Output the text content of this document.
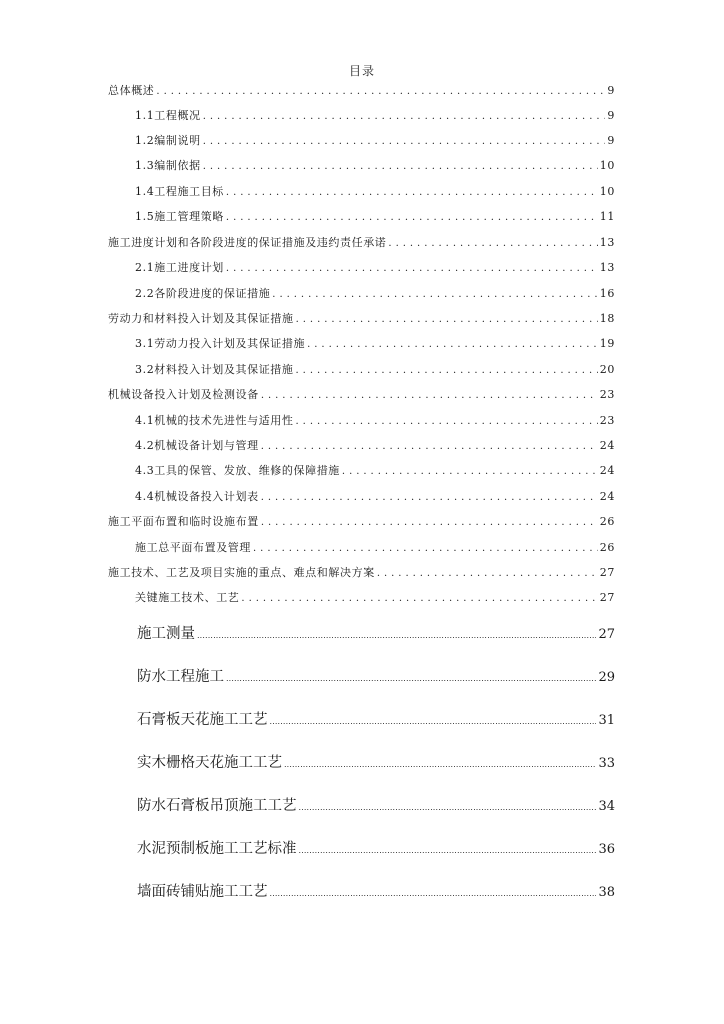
目录
总体概述 . . .	9
1.1工程概况 . . .	9
1.2编制说明 . . .	9
1.3编制依据 . . .	10
1.4工程施工目标 . . .	10
1.5施工管理策略 . . .	11
施工进度计划和各阶段进度的保证措施及违约责任承诺 . . .	13
2.1施工进度计划 . . .	13
2.2各阶段进度的保证措施 . . .	16
劳动力和材料投入计划及其保证措施 . . .	18
3.1劳动力投入计划及其保证措施 . . .	19
3.2材料投入计划及其保证措施 . . .	20
机械设备投入计划及检测设备 . . .	23
4.1机械的技术先进性与适用性 . . .	23
4.2机械设备计划与管理 . . .	24
4.3工具的保管、发放、维修的保障措施 . . .	24
4.4机械设备投入计划表 . . .	24
施工平面布置和临时设施布置 . . .	26
施工总平面布置及管理 . . .	26
施工技术、工艺及项目实施的重点、难点和解决方案 . . .	27
关键施工技术、工艺 . . .	27
施工测量 . . .	27
防水工程施工 . . .	29
石膏板天花施工工艺 . . .	31
实木栅格天花施工工艺 . . .	33
防水石膏板吊顶施工工艺 . . .	34
水泥预制板施工工艺标准 . . .	36
墙面砖铺贴施工工艺 . . .	38
